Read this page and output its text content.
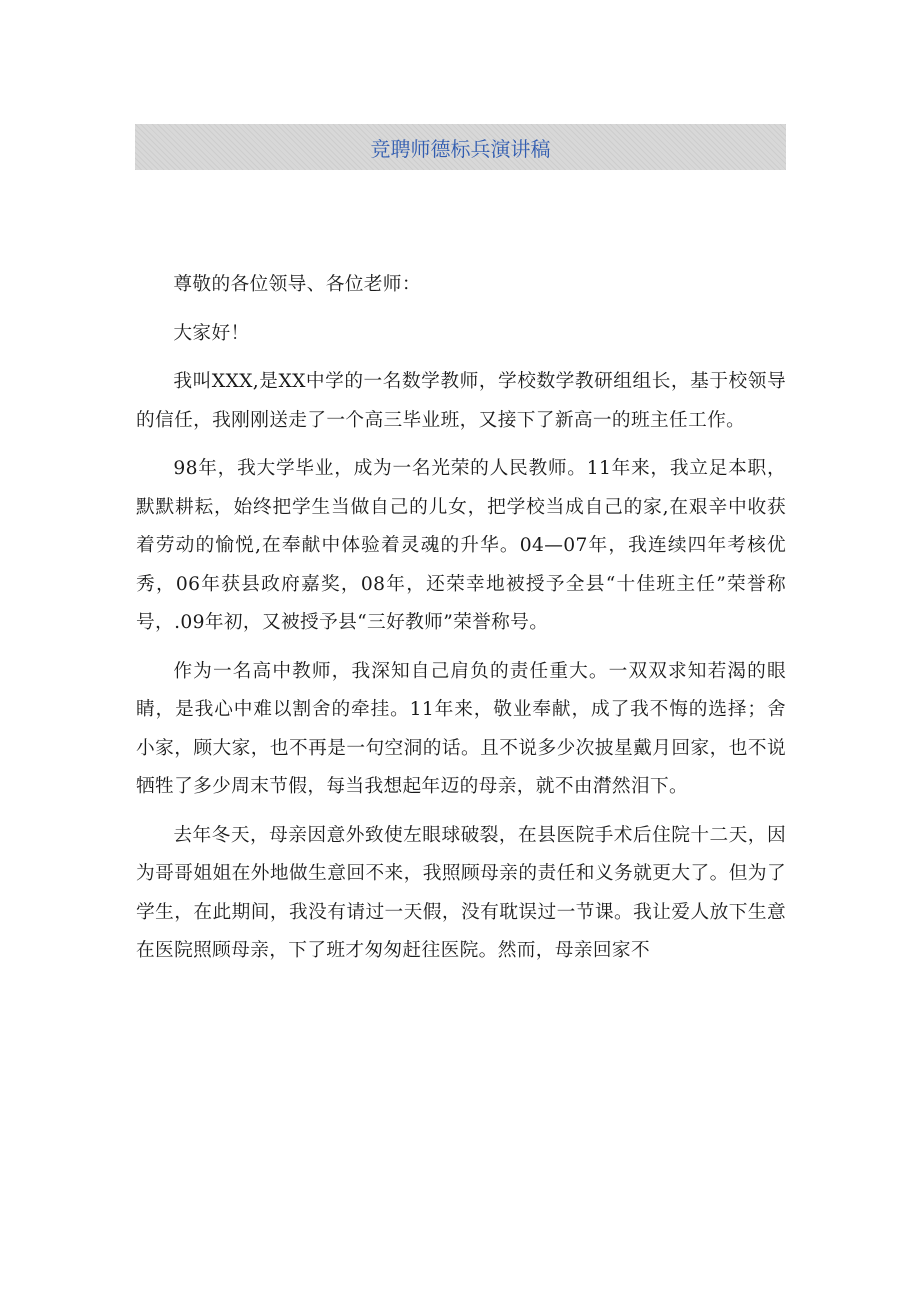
竞聘师德标兵演讲稿

尊敬的各位领导、各位老师：

大家好！

我叫XXX,是XX中学的一名数学教师，学校数学教研组组长，基于校领导的信任，我刚刚送走了一个高三毕业班，又接下了新高一的班主任工作。

98年，我大学毕业，成为一名光荣的人民教师。11年来，我立足本职，默默耕耘，始终把学生当做自己的儿女，把学校当成自己的家,在艰辛中收获着劳动的愉悦,在奉献中体验着灵魂的升华。04—07年，我连续四年考核优秀，06年获县政府嘉奖，08年，还荣幸地被授予全县“十佳班主任”荣誉称号，.09年初，又被授予县“三好教师”荣誉称号。

作为一名高中教师，我深知自己肩负的责任重大。一双双求知若渴的眼睛，是我心中难以割舍的牵挂。11年来，敬业奉献，成了我不悔的选择；舍小家，顾大家，也不再是一句空洞的话。且不说多少次披星戴月回家，也不说牺牲了多少周末节假，每当我想起年迈的母亲，就不由潸然泪下。

去年冬天，母亲因意外致使左眼球破裂，在县医院手术后住院十二天，因为哥哥姐姐在外地做生意回不来，我照顾母亲的责任和义务就更大了。但为了学生，在此期间，我没有请过一天假，没有耽误过一节课。我让爱人放下生意在医院照顾母亲，下了班才匆匆赶往医院。然而，母亲回家不
